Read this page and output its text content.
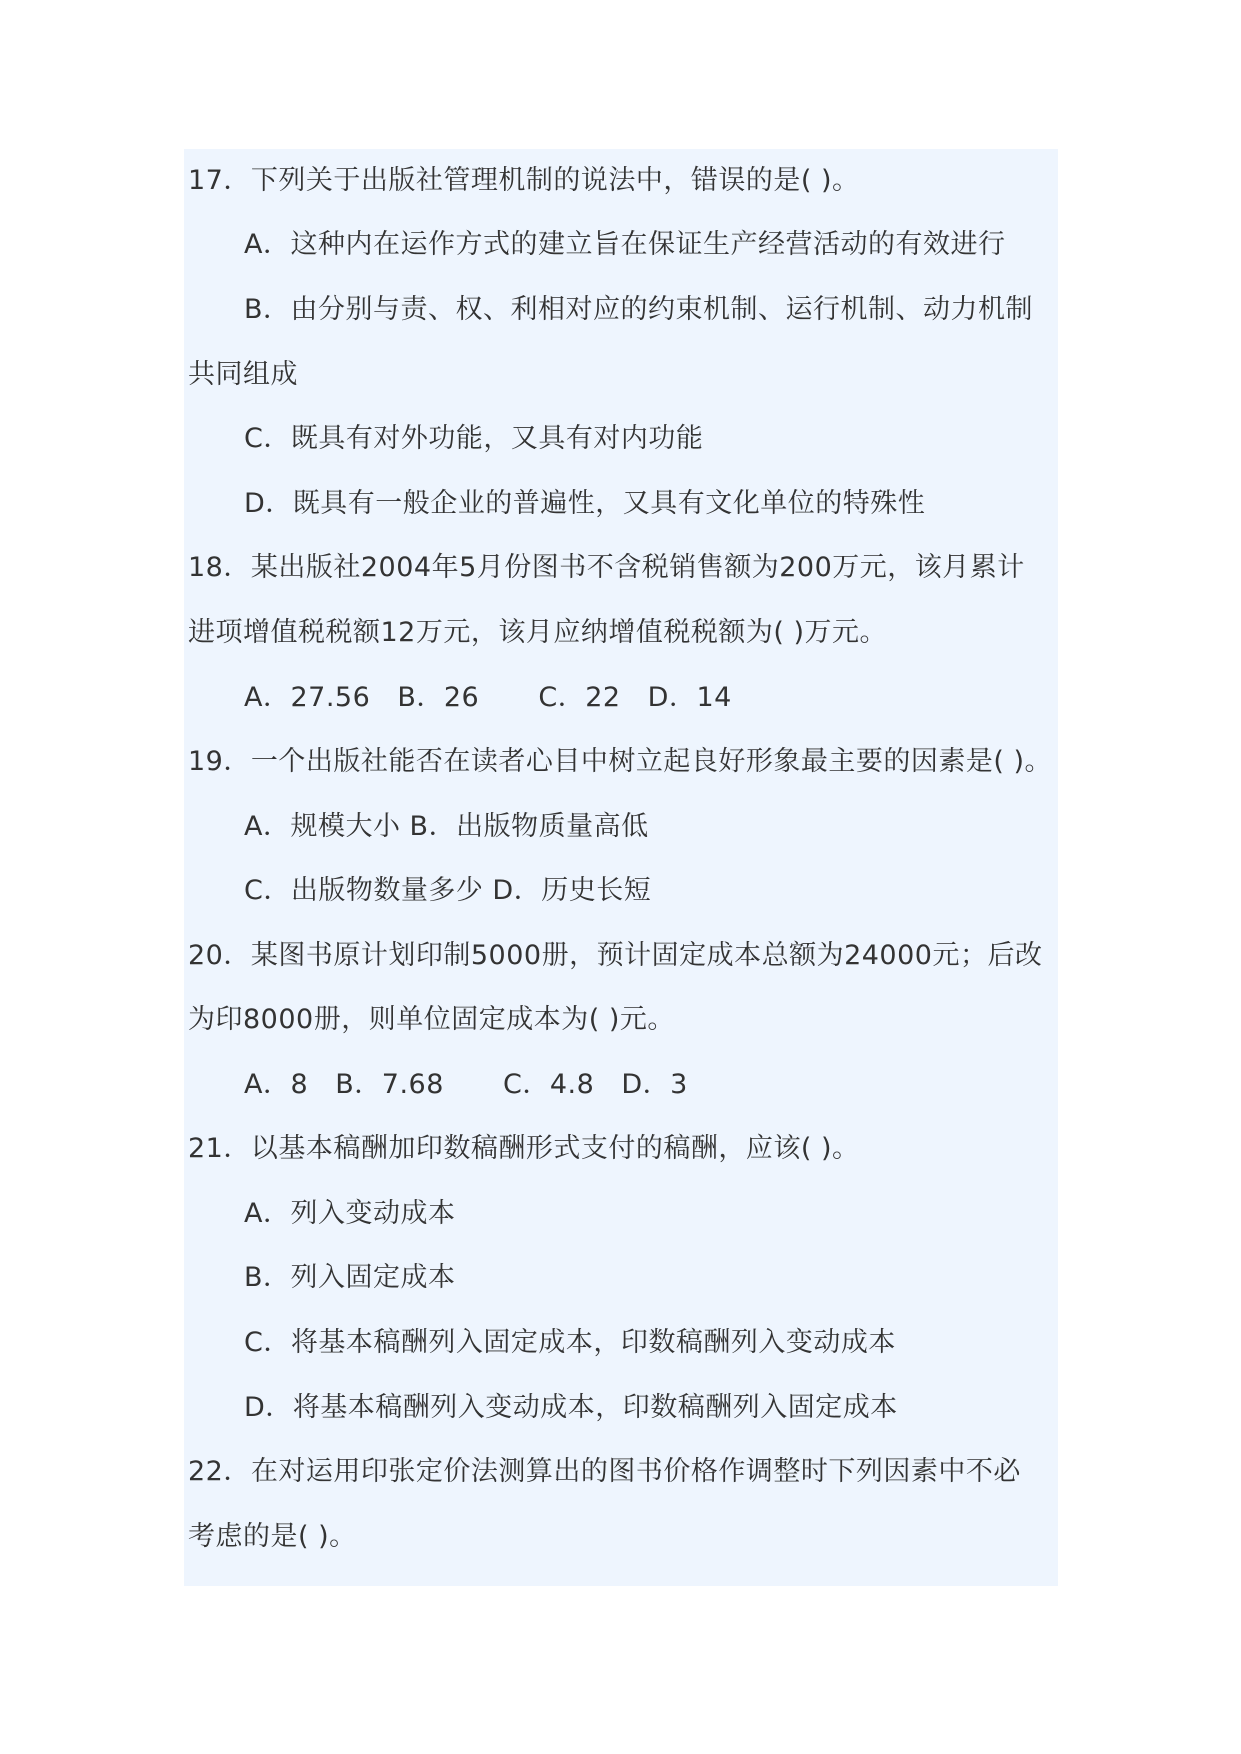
17．下列关于出版社管理机制的说法中，错误的是( )。
A．这种内在运作方式的建立旨在保证生产经营活动的有效进行
B．由分别与责、权、利相对应的约束机制、运行机制、动力机制
共同组成
C．既具有对外功能，又具有对内功能
D．既具有一般企业的普遍性，又具有文化单位的特殊性
18．某出版社2004年5月份图书不含税销售额为200万元，该月累计
进项增值税税额12万元，该月应纳增值税税额为( )万元。
A．27.56 B．26 C．22 D．14
19．一个出版社能否在读者心目中树立起良好形象最主要的因素是( )。
A．规模大小 B．出版物质量高低
C．出版物数量多少 D．历史长短
20．某图书原计划印制5000册，预计固定成本总额为24000元；后改
为印8000册，则单位固定成本为( )元。
A．8 B．7.68 C．4.8 D．3
21．以基本稿酬加印数稿酬形式支付的稿酬，应该( )。
A．列入变动成本
B．列入固定成本
C．将基本稿酬列入固定成本，印数稿酬列入变动成本
D．将基本稿酬列入变动成本，印数稿酬列入固定成本
22．在对运用印张定价法测算出的图书价格作调整时下列因素中不必
考虑的是( )。
